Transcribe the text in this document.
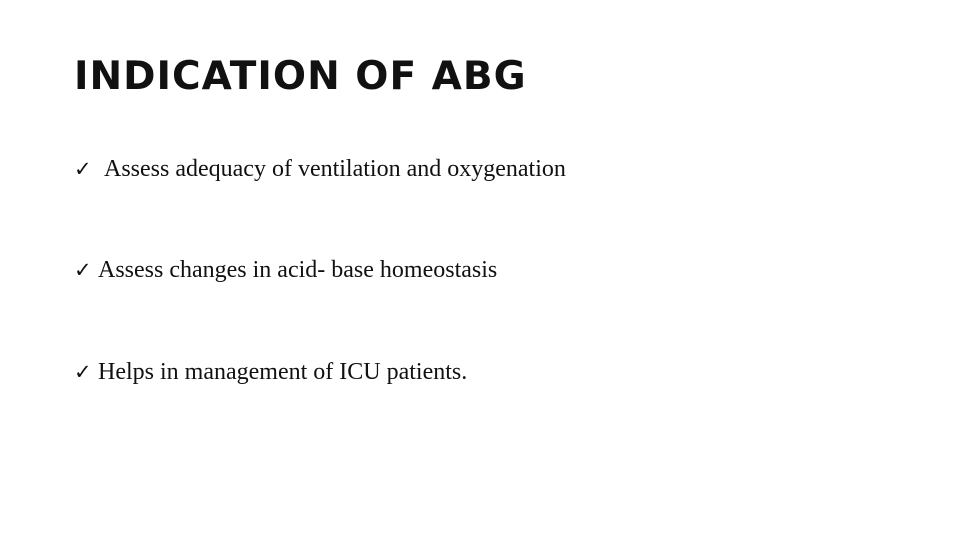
INDICATION OF ABG
✓ Assess adequacy of ventilation and oxygenation
✓ Assess changes in acid- base homeostasis
✓ Helps in management of ICU patients.
